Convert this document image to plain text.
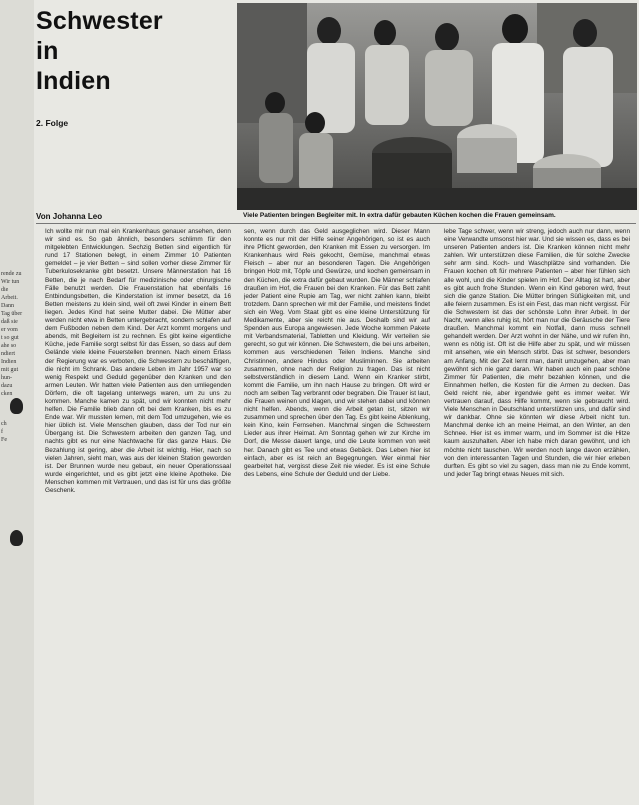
rende zu
Wir tun
die
Arbeit.
Dann
Tag über
daß sie
er vom
t so gut
ahe so
ndiert
Indien
mit gut
hun-
dazu
cken
ch
f
Fe
Schwester
in
Indien
2. Folge
Von Johanna Leo	Viele Patienten bringen Begleiter mit. In extra dafür gebauten Küchen kochen die Frauen gemeinsam.

Ich wollte mir nun mal ein Krankenhaus genauer ansehen, denn wir sind es. So gab ähnlich, besonders schlimm für den mitgelebten Entwicklungen. Sechzig Betten sind eigentlich für rund 17 Stationen belegt, in einem Zimmer 10 Patienten gemeldet – je vier Betten – sind sollen vorher diese Zimmer für Tuberkulosekranke gibt besetzt. Unsere Männerstation hat 16 Betten, die je nach Bedarf für medizinische oder chirurgische Fälle benutzt werden. Die Frauenstation hat ebenfalls 16 Entbindungsbetten, die Kinderstation ist immer besetzt, da 16 Betten meistens zu klein sind, weil oft zwei Kinder in einem Bett liegen. Jedes Kind hat seine Mutter dabei. Die Mütter aber werden nicht etwa in Betten untergebracht, sondern schlafen auf dem Fußboden neben dem Kind. Der Arzt kommt morgens und abends, mit Begleitern ist zu rechnen. Es gibt keine eigentliche Küche, jede Familie sorgt selbst für das Essen, so dass auf dem Gelände viele kleine Feuerstellen brennen. Nach einem Erlass der Regierung war es verboten, die Schwestern zu beschäftigen, die nicht im Schrank. Das andere Leben im Jahr 1957 war so wenig Respekt und Geduld gegenüber den Kranken und den armen Leuten. Wir hatten viele Patienten aus den umliegenden Dörfern, die oft tagelang unterwegs waren, um zu uns zu kommen. Manche kamen zu spät, und wir konnten nicht mehr helfen. Die Familie blieb dann oft bei dem Kranken, bis es zu Ende war. Wir mussten lernen, mit dem Tod umzugehen, wie es hier üblich ist. Viele Menschen glauben, dass der Tod nur ein Übergang ist. Die Schwestern arbeiten den ganzen Tag, und nachts gibt es nur eine Nachtwache für das ganze Haus. Die Bezahlung ist gering, aber die Arbeit ist wichtig. Hier, nach so vielen Jahren, sieht man, was aus der kleinen Station geworden ist. Der Brunnen wurde neu gebaut, ein neuer Operationssaal wurde eingerichtet, und es gibt jetzt eine kleine Apotheke. Die Menschen kommen mit Vertrauen, und das ist für uns das größte Geschenk.

sen, wenn durch das Geld ausgeglichen wird. Dieser Mann konnte es nur mit der Hilfe seiner Angehörigen, so ist es auch ihre Pflicht geworden, den Kranken mit Essen zu versorgen. Im Krankenhaus wird Reis gekocht, Gemüse, manchmal etwas Fleisch – aber nur an besonderen Tagen. Die Angehörigen bringen Holz mit, Töpfe und Gewürze, und kochen gemeinsam in den Küchen, die extra dafür gebaut wurden. Die Männer schlafen draußen im Hof, die Frauen bei den Kranken. Für das Bett zahlt jeder Patient eine Rupie am Tag, wer nicht zahlen kann, bleibt trotzdem. Dann sprechen wir mit der Familie, und meistens findet sich ein Weg. Vom Staat gibt es eine kleine Unterstützung für Medikamente, aber sie reicht nie aus. Deshalb sind wir auf Spenden aus Europa angewiesen. Jede Woche kommen Pakete mit Verbandsmaterial, Tabletten und Kleidung. Wir verteilen sie gerecht, so gut wir können. Die Schwestern, die bei uns arbeiten, kommen aus verschiedenen Teilen Indiens. Manche sind Christinnen, andere Hindus oder Musliminnen. Sie arbeiten zusammen, ohne nach der Religion zu fragen. Das ist nicht selbstverständlich in diesem Land. Wenn ein Kranker stirbt, kommt die Familie, um ihn nach Hause zu bringen. Oft wird er noch am selben Tag verbrannt oder begraben. Die Trauer ist laut, die Frauen weinen und klagen, und wir stehen dabei und können nicht helfen. Abends, wenn die Arbeit getan ist, sitzen wir zusammen und sprechen über den Tag. Es gibt keine Ablenkung, kein Kino, kein Fernsehen. Manchmal singen die Schwestern Lieder aus ihrer Heimat. Am Sonntag gehen wir zur Kirche im Dorf, die Messe dauert lange, und die Leute kommen von weit her. Danach gibt es Tee und etwas Gebäck. Das Leben hier ist einfach, aber es ist reich an Begegnungen. Wer einmal hier gearbeitet hat, vergisst diese Zeit nie wieder. Es ist eine Schule des Lebens, eine Schule der Geduld und der Liebe.

lebe Tage schwer, wenn wir streng, jedoch auch nur dann, wenn eine Verwandte umsonst hier war. Und sie wissen es, dass es bei unseren Patienten anders ist. Die Kranken können nicht mehr zahlen. Wir unterstützen diese Familien, die für solche Zwecke sehr arm sind. Koch- und Waschplätze sind vorhanden. Die Frauen kochen oft für mehrere Patienten – aber hier fühlen sich alle wohl, und die Kinder spielen im Hof. Der Alltag ist hart, aber es gibt auch frohe Stunden. Wenn ein Kind geboren wird, freut sich die ganze Station. Die Mütter bringen Süßigkeiten mit, und alle feiern zusammen. Es ist ein Fest, das man nicht vergisst. Für die Schwestern ist das der schönste Lohn ihrer Arbeit. In der Nacht, wenn alles ruhig ist, hört man nur die Geräusche der Tiere draußen. Manchmal kommt ein Notfall, dann muss schnell gehandelt werden. Der Arzt wohnt in der Nähe, und wir rufen ihn, wenn es nötig ist. Oft ist die Hilfe aber zu spät, und wir müssen mit ansehen, wie ein Mensch stirbt. Das ist schwer, besonders am Anfang. Mit der Zeit lernt man, damit umzugehen, aber man gewöhnt sich nie ganz daran. Wir haben auch ein paar schöne Zimmer für Patienten, die mehr bezahlen können, und die Einnahmen helfen, die Kosten für die Armen zu decken. Das Geld reicht nie, aber irgendwie geht es immer weiter. Wir vertrauen darauf, dass Hilfe kommt, wenn sie gebraucht wird. Viele Menschen in Deutschland unterstützen uns, und dafür sind wir dankbar. Ohne sie könnten wir diese Arbeit nicht tun. Manchmal denke ich an meine Heimat, an den Winter, an den Schnee. Hier ist es immer warm, und im Sommer ist die Hitze kaum auszuhalten. Aber ich habe mich daran gewöhnt, und ich möchte nicht tauschen. Wir werden noch lange davon erzählen, von den interessanten Tagen und Stunden, die wir hier erleben durften. Es gibt so viel zu sagen, dass man nie zu Ende kommt, und jeder Tag bringt etwas Neues mit sich.
